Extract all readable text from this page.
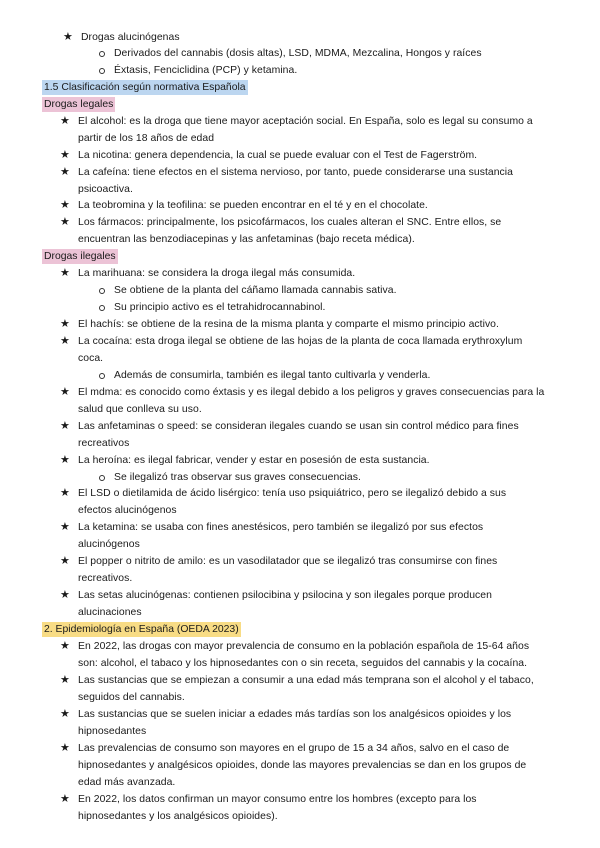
★ Drogas alucinógenas
Derivados del cannabis (dosis altas), LSD, MDMA, Mezcalina, Hongos y raíces
Éxtasis, Fenciclidina (PCP) y ketamina.
1.5 Clasificación según normativa Española
Drogas legales
★ El alcohol: es la droga que tiene mayor aceptación social. En España, solo es legal su consumo a
partir de los 18 años de edad
★ La nicotina: genera dependencia, la cual se puede evaluar con el Test de Fagerström.
★ La cafeína: tiene efectos en el sistema nervioso, por tanto, puede considerarse una sustancia
psicoactiva.
★ La teobromina y la teofilina: se pueden encontrar en el té y en el chocolate.
★ Los fármacos: principalmente, los psicofármacos, los cuales alteran el SNC. Entre ellos, se
encuentran las benzodiacepinas y las anfetaminas (bajo receta médica).
Drogas ilegales
★ La marihuana: se considera la droga ilegal más consumida.
Se obtiene de la planta del cáñamo llamada cannabis sativa.
Su principio activo es el tetrahidrocannabinol.
★ El hachís: se obtiene de la resina de la misma planta y comparte el mismo principio activo.
★ La cocaína: esta droga ilegal se obtiene de las hojas de la planta de coca llamada erythroxylum
coca.
Además de consumirla, también es ilegal tanto cultivarla y venderla.
★ El mdma: es conocido como éxtasis y es ilegal debido a los peligros y graves consecuencias para la
salud que conlleva su uso.
★ Las anfetaminas o speed: se consideran ilegales cuando se usan sin control médico para fines
recreativos
★ La heroína: es ilegal fabricar, vender y estar en posesión de esta sustancia.
Se ilegalizó tras observar sus graves consecuencias.
★ El LSD o dietilamida de ácido lisérgico: tenía uso psiquiátrico, pero se ilegalizó debido a sus
efectos alucinógenos
★ La ketamina: se usaba con fines anestésicos, pero también se ilegalizó por sus efectos
alucinógenos
★ El popper o nitrito de amilo: es un vasodilatador que se ilegalizó tras consumirse con fines
recreativos.
★ Las setas alucinógenas: contienen psilocibina y psilocina y son ilegales porque producen
alucinaciones
2. Epidemiología en España (OEDA 2023)
★ En 2022, las drogas con mayor prevalencia de consumo en la población española de 15-64 años
son: alcohol, el tabaco y los hipnosedantes con o sin receta, seguidos del cannabis y la cocaína.
★ Las sustancias que se empiezan a consumir a una edad más temprana son el alcohol y el tabaco,
seguidos del cannabis.
★ Las sustancias que se suelen iniciar a edades más tardías son los analgésicos opioides y los
hipnosedantes
★ Las prevalencias de consumo son mayores en el grupo de 15 a 34 años, salvo en el caso de
hipnosedantes y analgésicos opioides, donde las mayores prevalencias se dan en los grupos de
edad más avanzada.
★ En 2022, los datos confirman un mayor consumo entre los hombres (excepto para los
hipnosedantes y los analgésicos opioides).
